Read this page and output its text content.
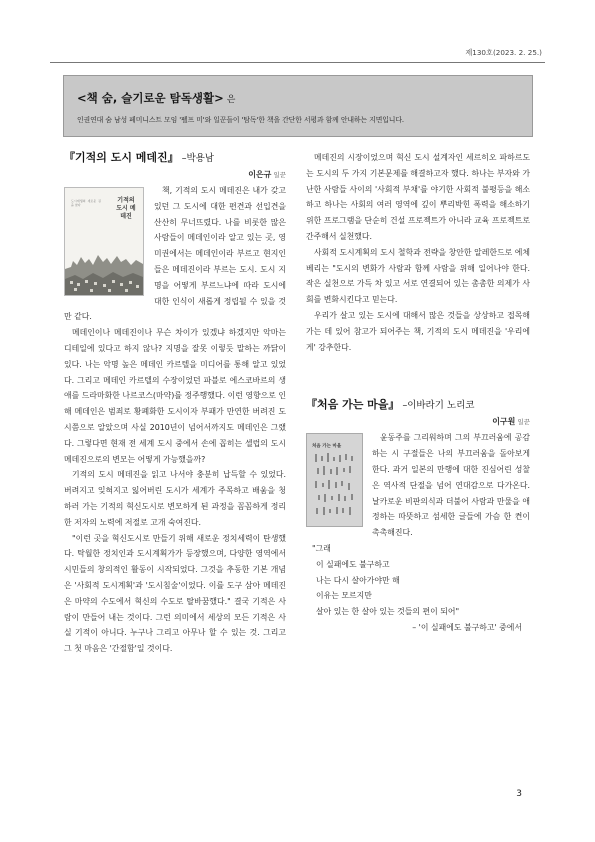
제130호(2023. 2. 25.)
<책 숨, 슬기로운 탐독생활> 은
인권연대 숨 남성 페미니스트 모임 '펠프 미'와 일꾼들이 '탐독'한 책을 간단한 서평과 함께 안내하는 지면입니다.

『기적의 도시 메데진』 –박용남

이은규 일꾼

기적의 도시 메데진
도시재생의 새로운 길을 찾다

책, 기적의 도시 메데진은 내가 갖고 있던 그 도시에 대한 편견과 선입견을 산산히 무너뜨렸다. 나를 비롯한 많은 사람들이 메데인이라 알고 있는 곳, 영미권에서는 메데인이라 부르고 현지인들은 메데진이라 부르는 도시. 도시 지명을 어떻게 부르느냐에 따라 도시에 대한 인식이 새롭게 정립될 수 있을 것만 같다.

메데인이나 메데진이나 무슨 차이가 있겠냐 하겠지만 악마는 디테일에 있다고 하지 않나? 지명을 잘못 이렇듯 말하는 까닭이 있다. 나는 악명 높은 메데인 카르텔을 미디어를 통해 알고 있었다. 그리고 메데인 카르텔의 수장이었던 파블로 에스코바르의 생애를 드라마화한 나르코스(마약)를 정주행했다. 이런 영향으로 인해 메데인은 범죄로 황폐화한 도시이자 부패가 만연한 버려진 도시쯤으로 알았으며 사실 2010년이 넘어서까지도 메데인은 그랬다. 그렇다면 현재 전 세계 도시 중에서 손에 꼽히는 셀럽의 도시 메데진으로의 변모는 어떻게 가능했을까?

기적의 도시 메데진을 읽고 나서야 충분히 납득할 수 있었다. 버려지고 잊혀지고 잃어버린 도시가 세계가 주목하고 배움을 청하러 가는 기적의 혁신도시로 변모하게 된 과정을 꼼꼼하게 정리한 저자의 노력에 저절로 고개 숙여진다.

"이런 곳을 혁신도시로 만들기 위해 새로운 정치세력이 탄생했다. 탁월한 정치인과 도시계획가가 등장했으며, 다양한 영역에서 시민들의 창의적인 활동이 시작되었다. 그것을 추동한 기본 개념은 '사회적 도시계획'과 '도시침술'이었다. 이를 도구 삼아 메데진은 마약의 수도에서 혁신의 수도로 탈바꿈했다." 결국 기적은 사람이 만들어 내는 것이다. 그런 의미에서 세상의 모든 기적은 사실 기적이 아니다. 누구나 그리고 아무나 할 수 있는 것. 그리고 그 첫 마음은 '간절함'일 것이다.

메데진의 시장이었으며 혁신 도시 설계자인 세르히오 파하르도는 도시의 두 가지 기본문제를 해결하고자 했다. 하나는 부자와 가난한 사람들 사이의 '사회적 부채'를 야기한 사회적 불평등을 해소하고 하나는 사회의 여러 영역에 깊이 뿌리박힌 폭력을 해소하기 위한 프로그램을 단순히 건설 프로젝트가 아니라 교육 프로젝트로 간주해서 실천했다.

사회적 도시계획의 도시 철학과 전략을 창안한 알레한드로 에체베리는 "도시의 변화가 사람과 함께 사람을 위해 일어나야 한다. 작은 실천으로 가득 차 있고 서로 연결되어 있는 촘촘한 의제가 사회를 변화시킨다고 믿는다.

우리가 살고 있는 도시에 대해서 많은 것들을 상상하고 접목해가는 데 있어 참고가 되어주는 책, 기적의 도시 메데진을 '우리에게' 강추한다.

『처음 가는 마을』 –이바라기 노리코

이구원 일꾼

처음 가는 마을

윤동주를 그리워하며 그의 부끄러움에 공감하는 시 구절들은 나의 부끄러움을 돌아보게 한다. 과거 일본의 만행에 대한 진심어린 성찰은 역사적 단절을 넘어 연대감으로 다가온다. 날카로운 비판의식과 더불어 사람과 만물을 애정하는 따뜻하고 섬세한 글들에 가슴 한 켠이 촉촉해진다.

"그래

이 실패에도 불구하고

나는 다시 살아가야만 해

이유는 모르지만

살아 있는 한 살아 있는 것들의 편이 되어"

– '이 실패에도 불구하고' 중에서

3
